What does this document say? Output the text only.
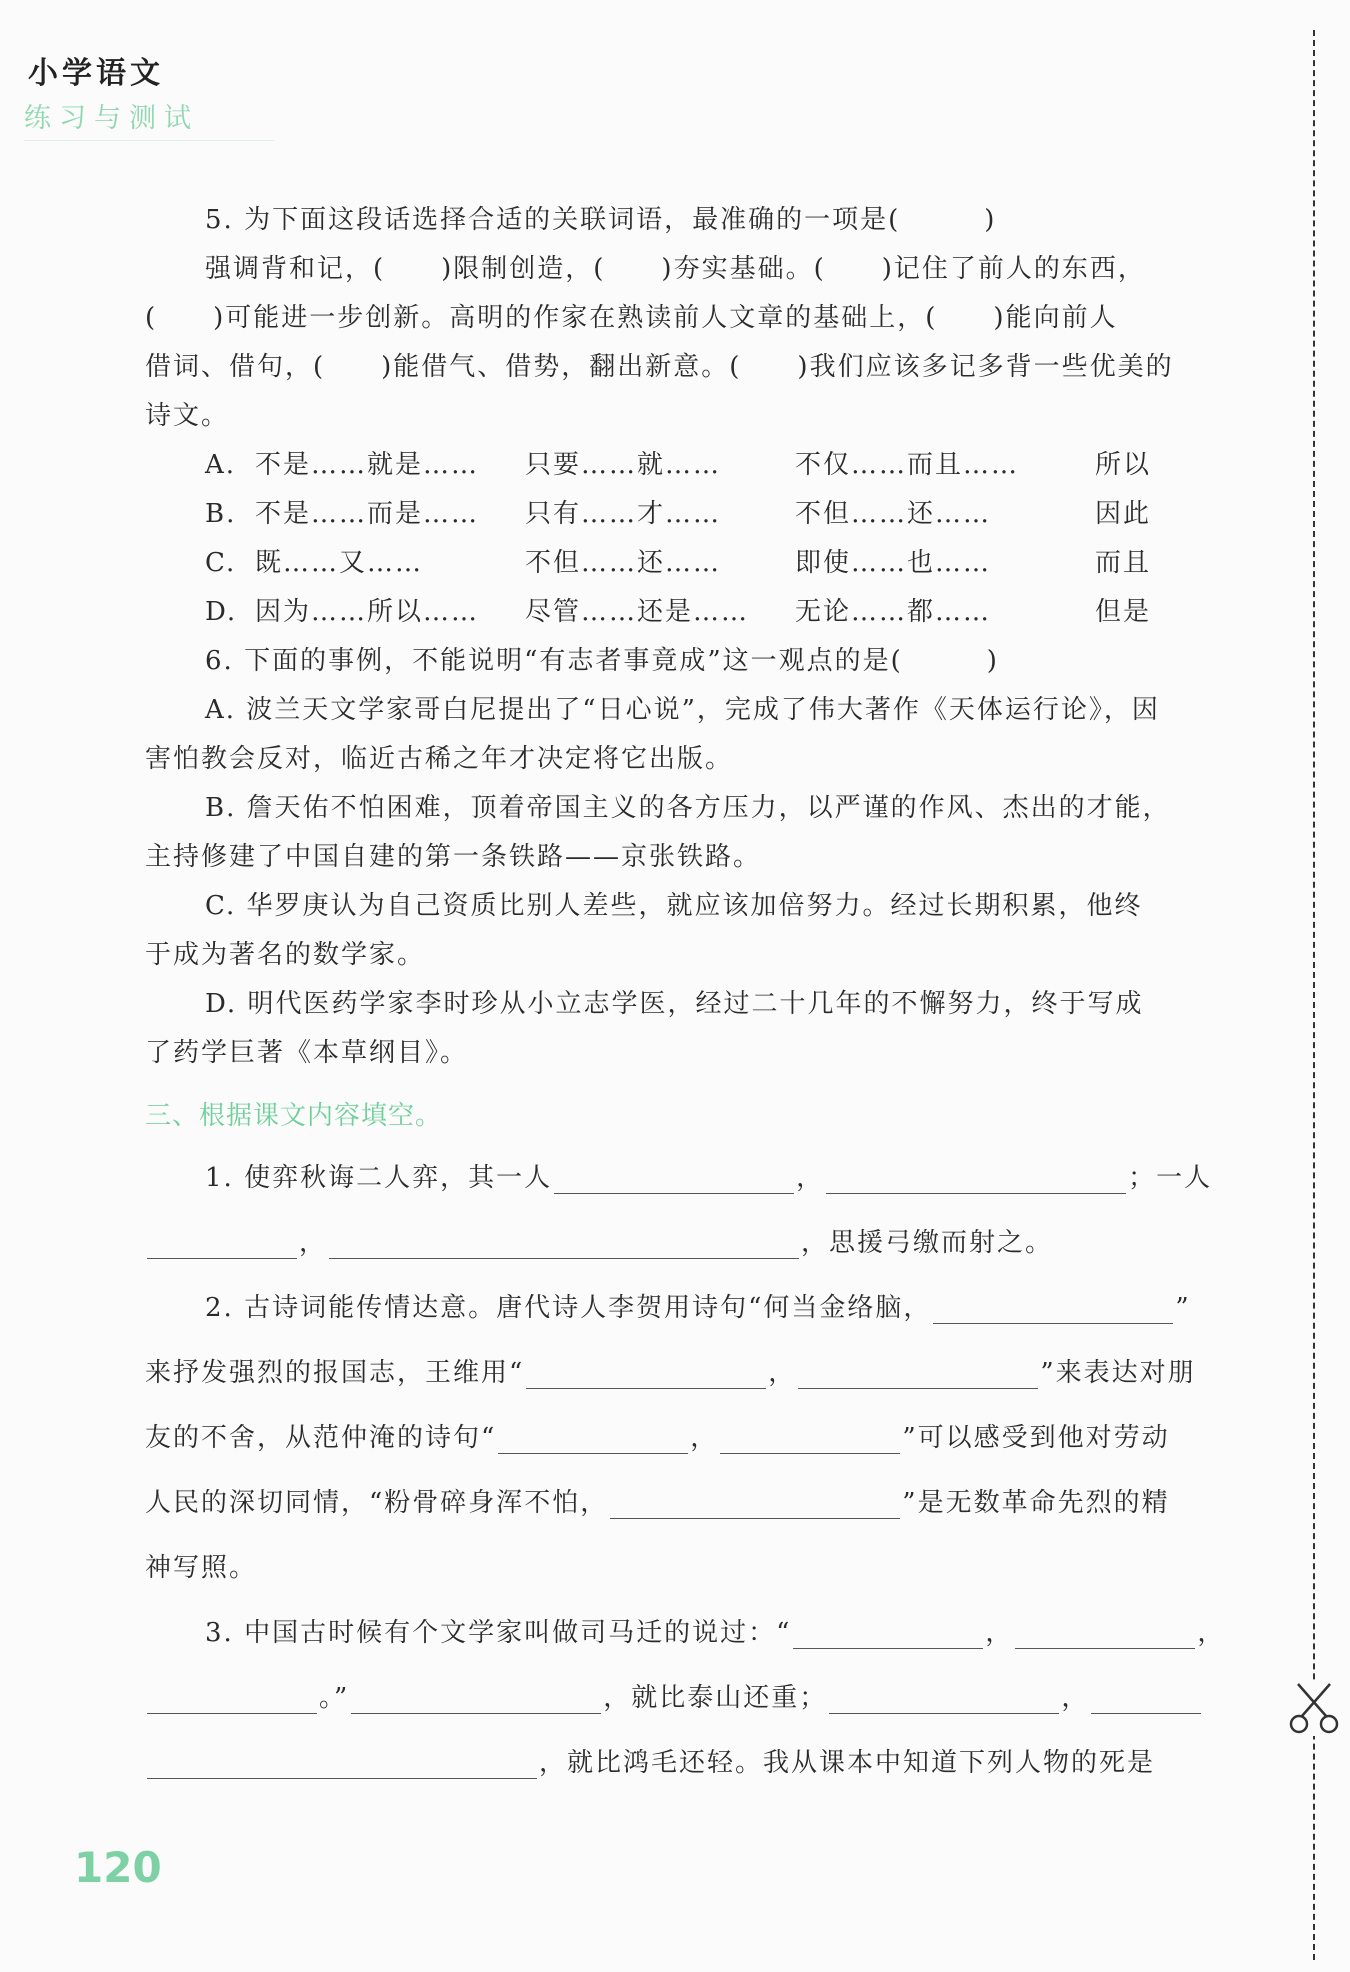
小学语文
练习与测试
5. 为下面这段话选择合适的关联词语，最准确的一项是(　　　)
强调背和记，(　　)限制创造，(　　)夯实基础。(　　)记住了前人的东西，
(　　)可能进一步创新。高明的作家在熟读前人文章的基础上，(　　)能向前人
借词、借句，(　　)能借气、借势，翻出新意。(　　)我们应该多记多背一些优美的
诗文。
A. 不是……就是…… 只要……就……	不仅……而且……	所以
B. 不是……而是…… 只有……才……	不但……还……	因此
C. 既……又……	不但……还……	即使……也……	而且
D. 因为……所以…… 尽管……还是…… 无论……都……	但是
6. 下面的事例，不能说明“有志者事竟成”这一观点的是(　　　)
A. 波兰天文学家哥白尼提出了“日心说”，完成了伟大著作《天体运行论》，因
害怕教会反对，临近古稀之年才决定将它出版。
B. 詹天佑不怕困难，顶着帝国主义的各方压力，以严谨的作风、杰出的才能，
主持修建了中国自建的第一条铁路——京张铁路。
C. 华罗庚认为自己资质比别人差些，就应该加倍努力。经过长期积累，他终
于成为著名的数学家。
D. 明代医药学家李时珍从小立志学医，经过二十几年的不懈努力，终于写成
了药学巨著《本草纲目》。
三、根据课文内容填空。
1. 使弈秋诲二人弈，其一人	，	；一人
，	，思援弓缴而射之。
2. 古诗词能传情达意。唐代诗人李贺用诗句“何当金络脑，	”
来抒发强烈的报国志，王维用“	，	”来表达对朋
友的不舍，从范仲淹的诗句“	，	”可以感受到他对劳动
人民的深切同情，“粉骨碎身浑不怕，	”是无数革命先烈的精
神写照。
3. 中国古时候有个文学家叫做司马迁的说过：“	，	，
。”	，就比泰山还重；	，
，就比鸿毛还轻。我从课本中知道下列人物的死是
120
